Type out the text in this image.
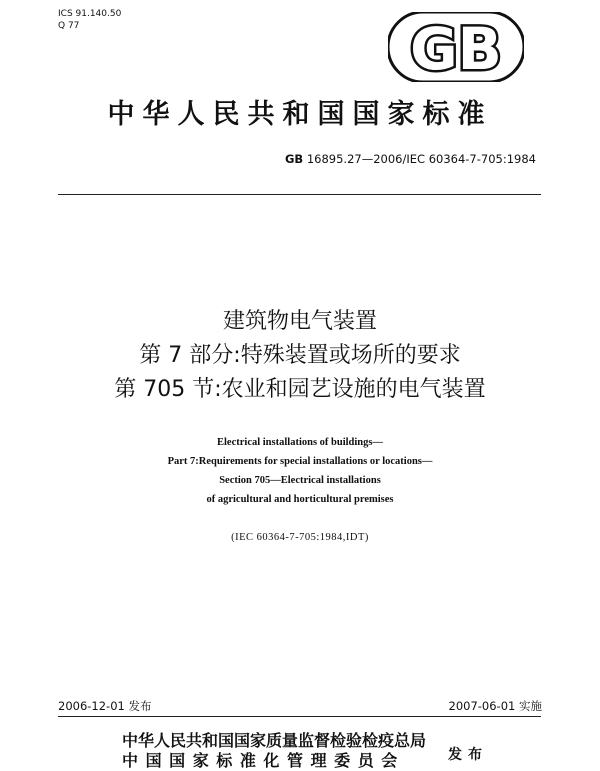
ICS 91.140.50
Q 77	GB
中华人民共和国国家标准
GB 16895.27—2006/IEC 60364-7-705:1984
建筑物电气装置
第 7 部分:特殊装置或场所的要求
第 705 节:农业和园艺设施的电气装置
Electrical installations of buildings—
Part 7:Requirements for special installations or locations—
Section 705—Electrical installations
of agricultural and horticultural premises
(IEC 60364-7-705:1984,IDT)
2006-12-01 发布	2007-06-01 实施
中华人民共和国国家质量监督检验检疫总局
中 国 国 家 标 准 化 管 理 委 员 会	发布
